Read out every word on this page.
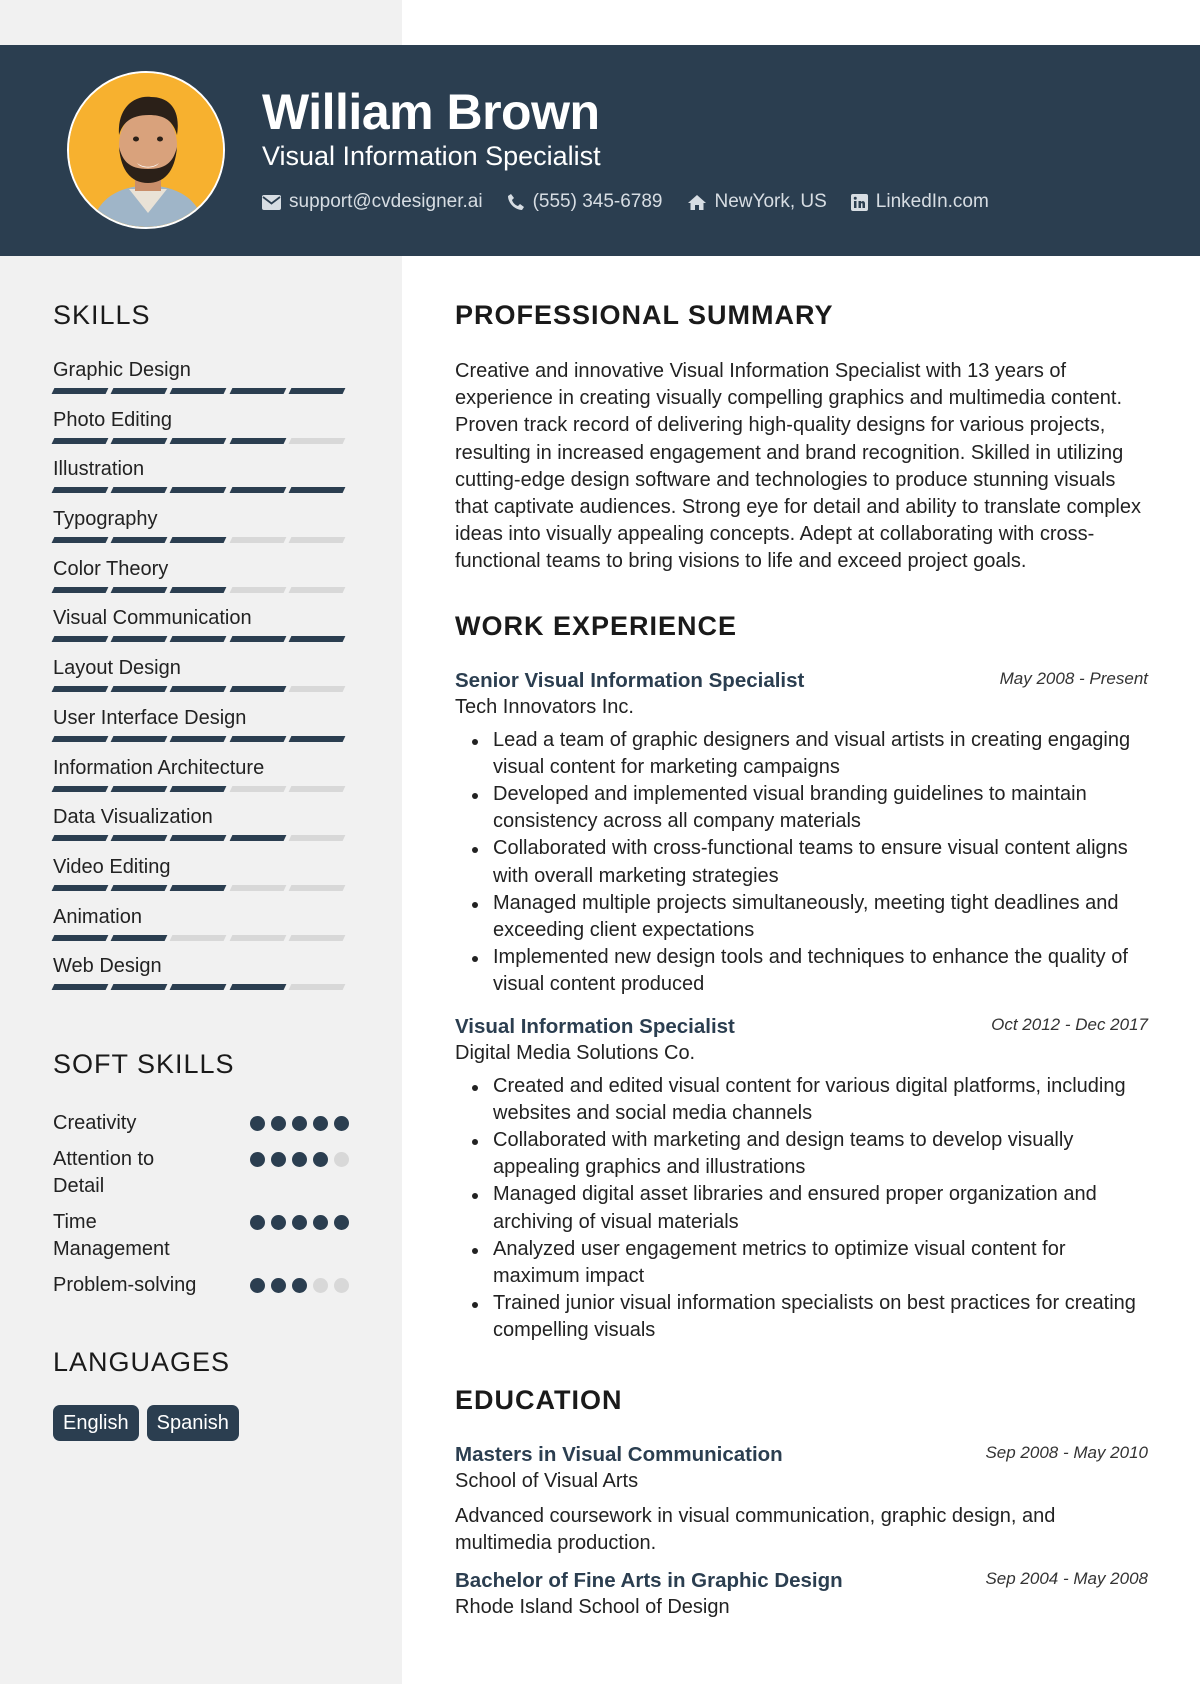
William Brown
Visual Information Specialist
support@cvdesigner.ai	(555) 345-6789	NewYork, US	LinkedIn.com
SKILLS
Graphic Design
Photo Editing
Illustration
Typography
Color Theory
Visual Communication
Layout Design
User Interface Design
Information Architecture
Data Visualization
Video Editing
Animation
Web Design
SOFT SKILLS
Creativity
Attention to Detail
Time Management
Problem-solving
LANGUAGES
English	Spanish
PROFESSIONAL SUMMARY

Creative and innovative Visual Information Specialist with 13 years of experience in creating visually compelling graphics and multimedia content. Proven track record of delivering high-quality designs for various projects, resulting in increased engagement and brand recognition. Skilled in utilizing cutting-edge design software and technologies to produce stunning visuals that captivate audiences. Strong eye for detail and ability to translate complex ideas into visually appealing concepts. Adept at collaborating with cross-functional teams to bring visions to life and exceed project goals.

WORK EXPERIENCE
Senior Visual Information Specialist	May 2008 - Present
Tech Innovators Inc.
Lead a team of graphic designers and visual artists in creating engaging visual content for marketing campaigns
Developed and implemented visual branding guidelines to maintain consistency across all company materials
Collaborated with cross-functional teams to ensure visual content aligns with overall marketing strategies
Managed multiple projects simultaneously, meeting tight deadlines and exceeding client expectations
Implemented new design tools and techniques to enhance the quality of visual content produced
Visual Information Specialist	Oct 2012 - Dec 2017
Digital Media Solutions Co.
Created and edited visual content for various digital platforms, including websites and social media channels
Collaborated with marketing and design teams to develop visually appealing graphics and illustrations
Managed digital asset libraries and ensured proper organization and archiving of visual materials
Analyzed user engagement metrics to optimize visual content for maximum impact
Trained junior visual information specialists on best practices for creating compelling visuals
EDUCATION
Masters in Visual Communication	Sep 2008 - May 2010
School of Visual Arts
Advanced coursework in visual communication, graphic design, and multimedia production.
Bachelor of Fine Arts in Graphic Design	Sep 2004 - May 2008
Rhode Island School of Design
